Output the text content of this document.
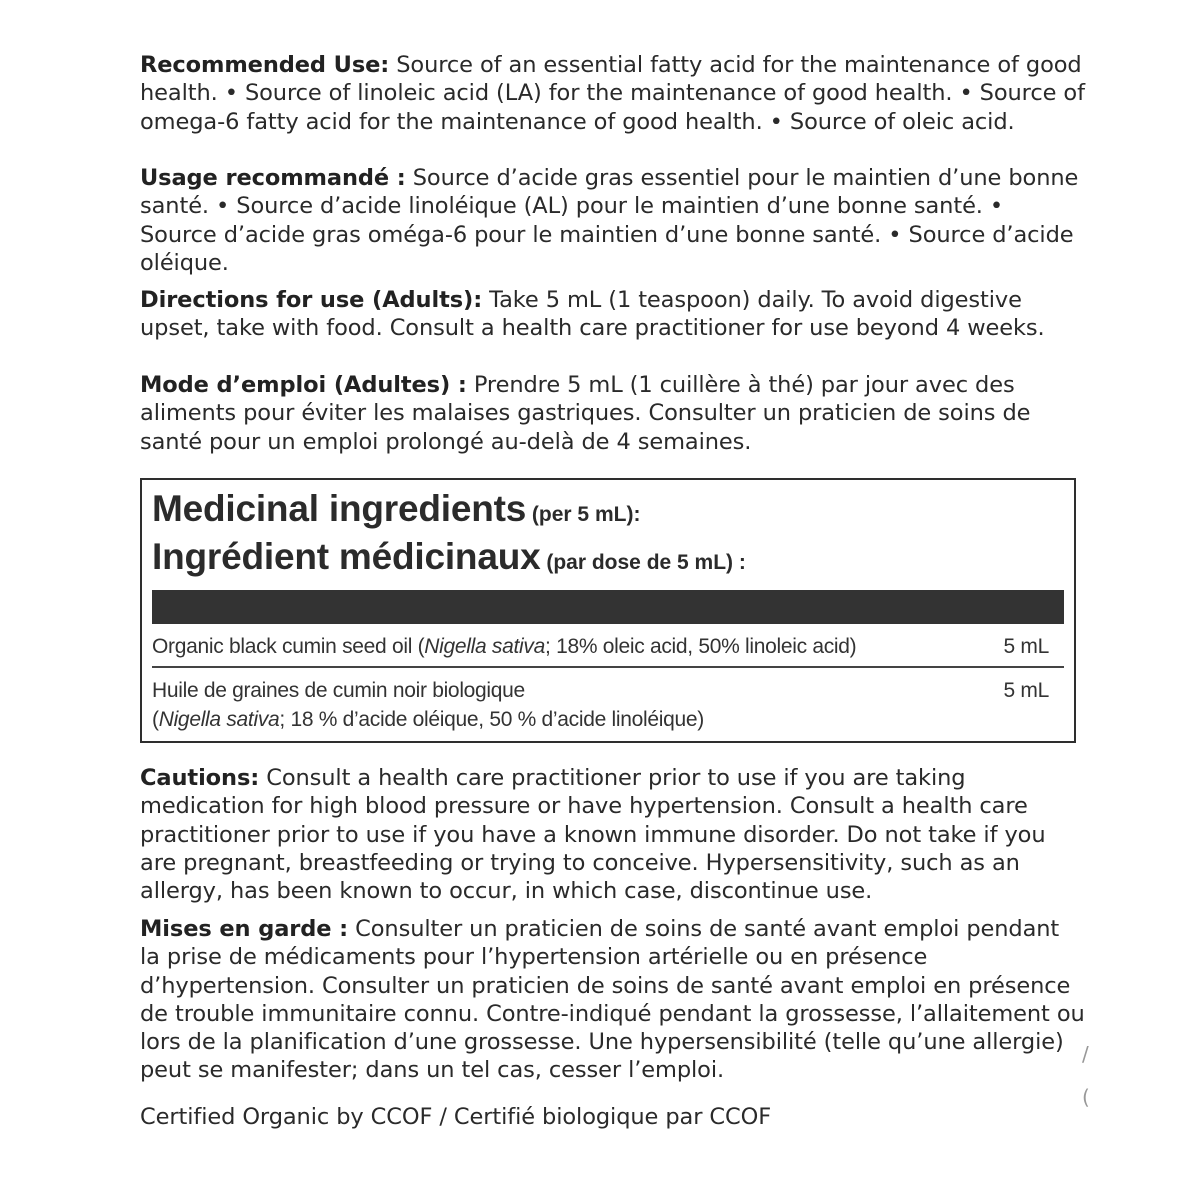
Recommended Use: Source of an essential fatty acid for the maintenance of good health. • Source of linoleic acid (LA) for the maintenance of good health. • Source of omega-6 fatty acid for the maintenance of good health. • Source of oleic acid.
Usage recommandé : Source d’acide gras essentiel pour le maintien d’une bonne santé. • Source d’acide linoléique (AL) pour le maintien d’une bonne santé. • Source d’acide gras oméga-6 pour le maintien d’une bonne santé. • Source d’acide oléique.
Directions for use (Adults): Take 5 mL (1 teaspoon) daily. To avoid digestive upset, take with food. Consult a health care practitioner for use beyond 4 weeks.
Mode d’emploi (Adultes) : Prendre 5 mL (1 cuillère à thé) par jour avec des aliments pour éviter les malaises gastriques. Consulter un praticien de soins de santé pour un emploi prolongé au-delà de 4 semaines.
Medicinal ingredients (per 5 mL):
Ingrédient médicinaux (par dose de 5 mL) :
Organic black cumin seed oil (Nigella sativa; 18% oleic acid, 50% linoleic acid)	5 mL
Huile de graines de cumin noir biologique
(Nigella sativa; 18 % d’acide oléique, 50 % d’acide linoléique)
5 mL
Cautions: Consult a health care practitioner prior to use if you are taking medication for high blood pressure or have hypertension. Consult a health care practitioner prior to use if you have a known immune disorder. Do not take if you are pregnant, breastfeeding or trying to conceive. Hypersensitivity, such as an allergy, has been known to occur, in which case, discontinue use.
Mises en garde : Consulter un praticien de soins de santé avant emploi pendant la prise de médicaments pour l’hypertension artérielle ou en présence d’hypertension. Consulter un praticien de soins de santé avant emploi en présence de trouble immunitaire connu. Contre-indiqué pendant la grossesse, l’allaitement ou lors de la planification d’une grossesse. Une hypersensibilité (telle qu’une allergie) peut se manifester; dans un tel cas, cesser l’emploi.
Certified Organic by CCOF / Certifié biologique par CCOF
/
(
